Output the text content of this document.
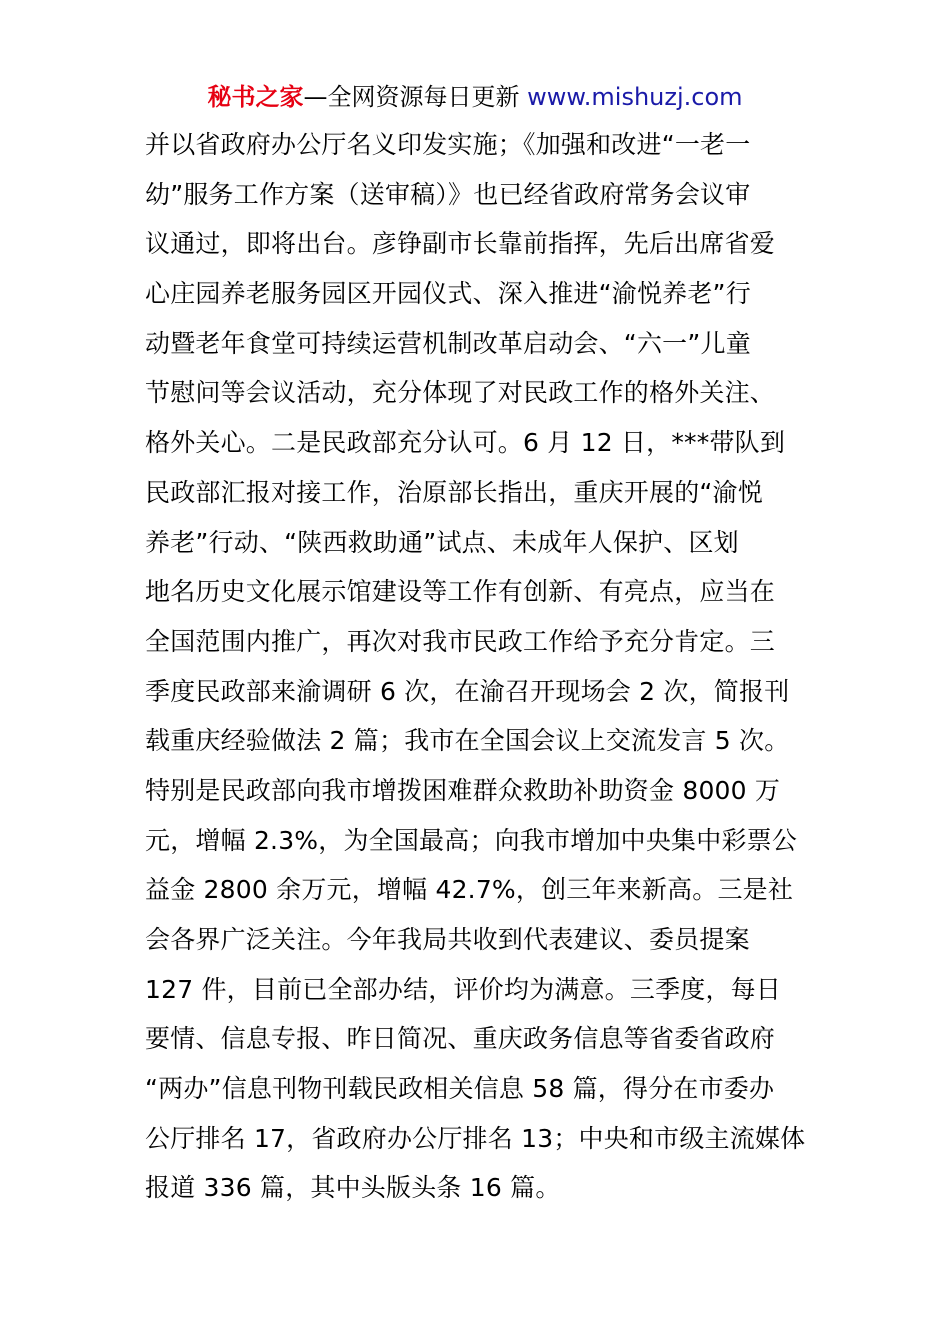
秘书之家—全网资源每日更新 www.mishuzj.com
并以省政府办公厅名义印发实施；《加强和改进“一老一
幼”服务工作方案（送审稿）》也已经省政府常务会议审
议通过，即将出台。彦铮副市长靠前指挥，先后出席省爱
心庄园养老服务园区开园仪式、深入推进“渝悦养老”行
动暨老年食堂可持续运营机制改革启动会、“六一”儿童
节慰问等会议活动，充分体现了对民政工作的格外关注、
格外关心。二是民政部充分认可。6 月 12 日，***带队到
民政部汇报对接工作，治原部长指出，重庆开展的“渝悦
养老”行动、“陕西救助通”试点、未成年人保护、区划
地名历史文化展示馆建设等工作有创新、有亮点，应当在
全国范围内推广，再次对我市民政工作给予充分肯定。三
季度民政部来渝调研 6 次，在渝召开现场会 2 次，简报刊
载重庆经验做法 2 篇；我市在全国会议上交流发言 5 次。
特别是民政部向我市增拨困难群众救助补助资金 8000 万
元，增幅 2.3%，为全国最高；向我市增加中央集中彩票公
益金 2800 余万元，增幅 42.7%，创三年来新高。三是社
会各界广泛关注。今年我局共收到代表建议、委员提案
127 件，目前已全部办结，评价均为满意。三季度，每日
要情、信息专报、昨日简况、重庆政务信息等省委省政府
“两办”信息刊物刊载民政相关信息 58 篇，得分在市委办
公厅排名 17，省政府办公厅排名 13；中央和市级主流媒体
报道 336 篇，其中头版头条 16 篇。
